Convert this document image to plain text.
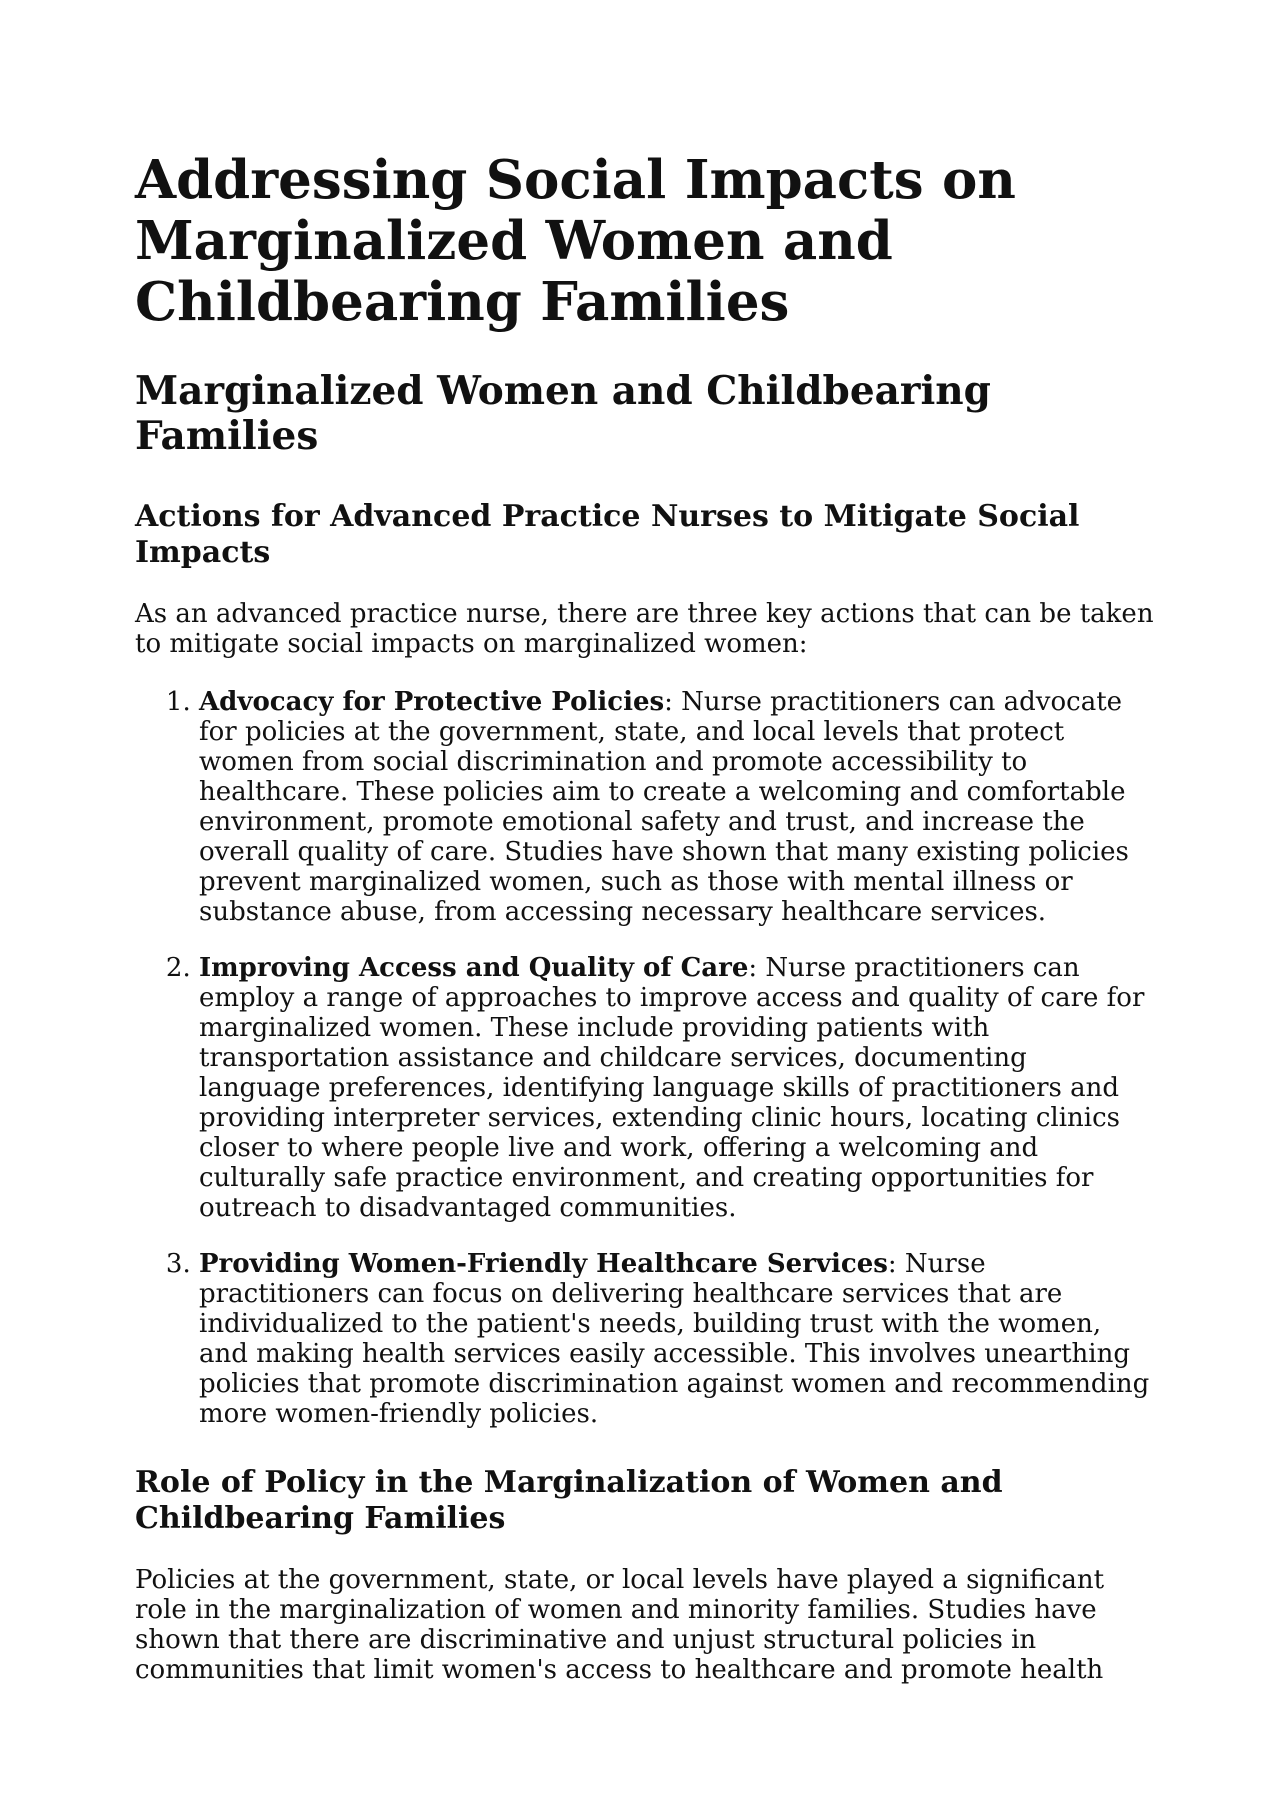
Addressing Social Impacts on Marginalized Women and Childbearing Families
Marginalized Women and Childbearing Families
Actions for Advanced Practice Nurses to Mitigate Social Impacts

As an advanced practice nurse, there are three key actions that can be taken to mitigate social impacts on marginalized women:

1. Advocacy for Protective Policies: Nurse practitioners can advocate for policies at the government, state, and local levels that protect women from social discrimination and promote accessibility to healthcare. These policies aim to create a welcoming and comfortable environment, promote emotional safety and trust, and increase the overall quality of care. Studies have shown that many existing policies prevent marginalized women, such as those with mental illness or substance abuse, from accessing necessary healthcare services.
2. Improving Access and Quality of Care: Nurse practitioners can employ a range of approaches to improve access and quality of care for marginalized women. These include providing patients with transportation assistance and childcare services, documenting language preferences, identifying language skills of practitioners and providing interpreter services, extending clinic hours, locating clinics closer to where people live and work, offering a welcoming and culturally safe practice environment, and creating opportunities for outreach to disadvantaged communities.
3. Providing Women-Friendly Healthcare Services: Nurse practitioners can focus on delivering healthcare services that are individualized to the patient's needs, building trust with the women, and making health services easily accessible. This involves unearthing policies that promote discrimination against women and recommending more women-friendly policies.
Role of Policy in the Marginalization of Women and Childbearing Families

Policies at the government, state, or local levels have played a significant role in the marginalization of women and minority families. Studies have shown that there are discriminative and unjust structural policies in communities that limit women's access to healthcare and promote health
